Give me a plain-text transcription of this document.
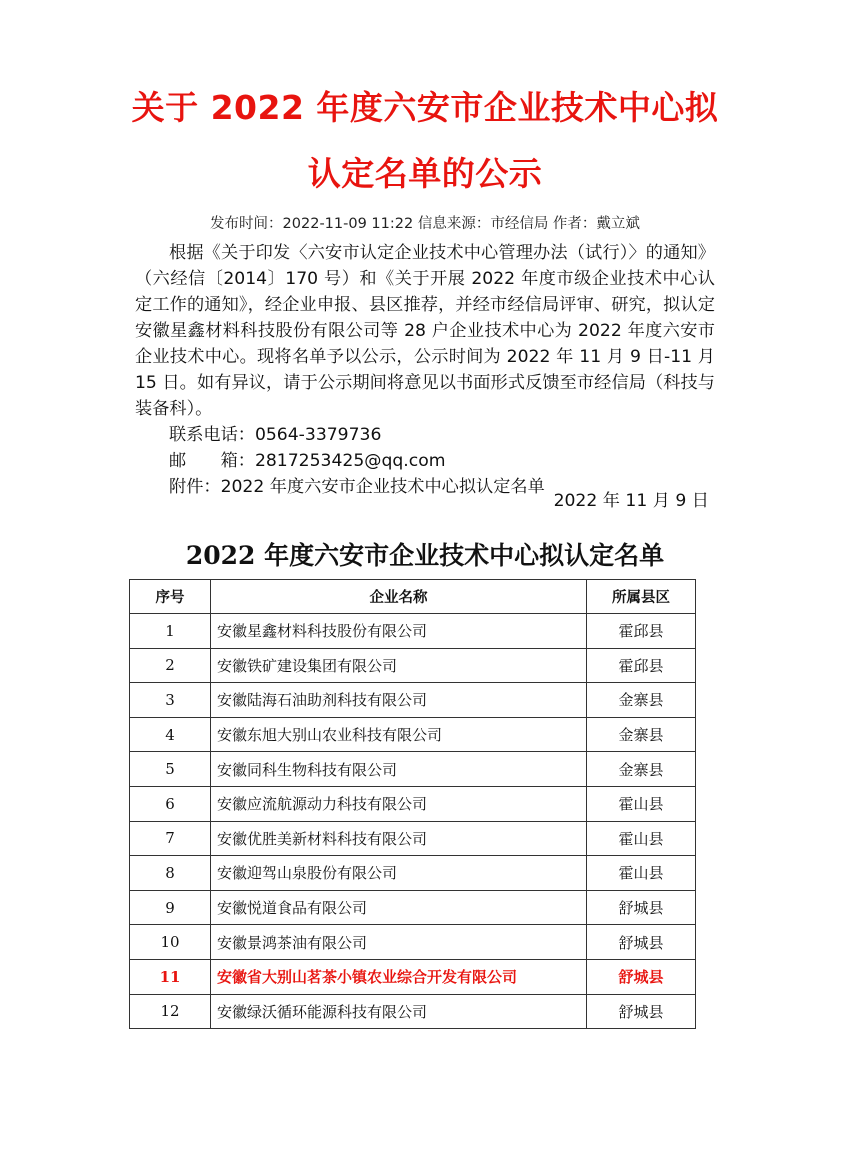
关于 2022 年度六安市企业技术中心拟
认定名单的公示
发布时间：2022-11-09 11:22 信息来源：市经信局 作者：戴立斌

根据《关于印发〈六安市认定企业技术中心管理办法（试行）〉的通知》（六经信〔2014〕170 号）和《关于开展 2022 年度市级企业技术中心认定工作的通知》，经企业申报、县区推荐，并经市经信局评审、研究，拟认定安徽星鑫材料科技股份有限公司等 28 户企业技术中心为 2022 年度六安市企业技术中心。现将名单予以公示，公示时间为 2022 年 11 月 9 日-11 月 15 日。如有异议，请于公示期间将意见以书面形式反馈至市经信局（科技与装备科）。

联系电话：0564-3379736

邮　　箱：2817253425@qq.com

附件：2022 年度六安市企业技术中心拟认定名单

2022 年 11 月 9 日
2022 年度六安市企业技术中心拟认定名单
序号	企业名称	所属县区
1	安徽星鑫材料科技股份有限公司	霍邱县
2	安徽铁矿建设集团有限公司	霍邱县
3	安徽陆海石油助剂科技有限公司	金寨县
4	安徽东旭大别山农业科技有限公司	金寨县
5	安徽同科生物科技有限公司	金寨县
6	安徽应流航源动力科技有限公司	霍山县
7	安徽优胜美新材料科技有限公司	霍山县
8	安徽迎驾山泉股份有限公司	霍山县
9	安徽悦道食品有限公司	舒城县
10	安徽景鸿茶油有限公司	舒城县
11	安徽省大别山茗茶小镇农业综合开发有限公司	舒城县
12	安徽绿沃循环能源科技有限公司	舒城县
